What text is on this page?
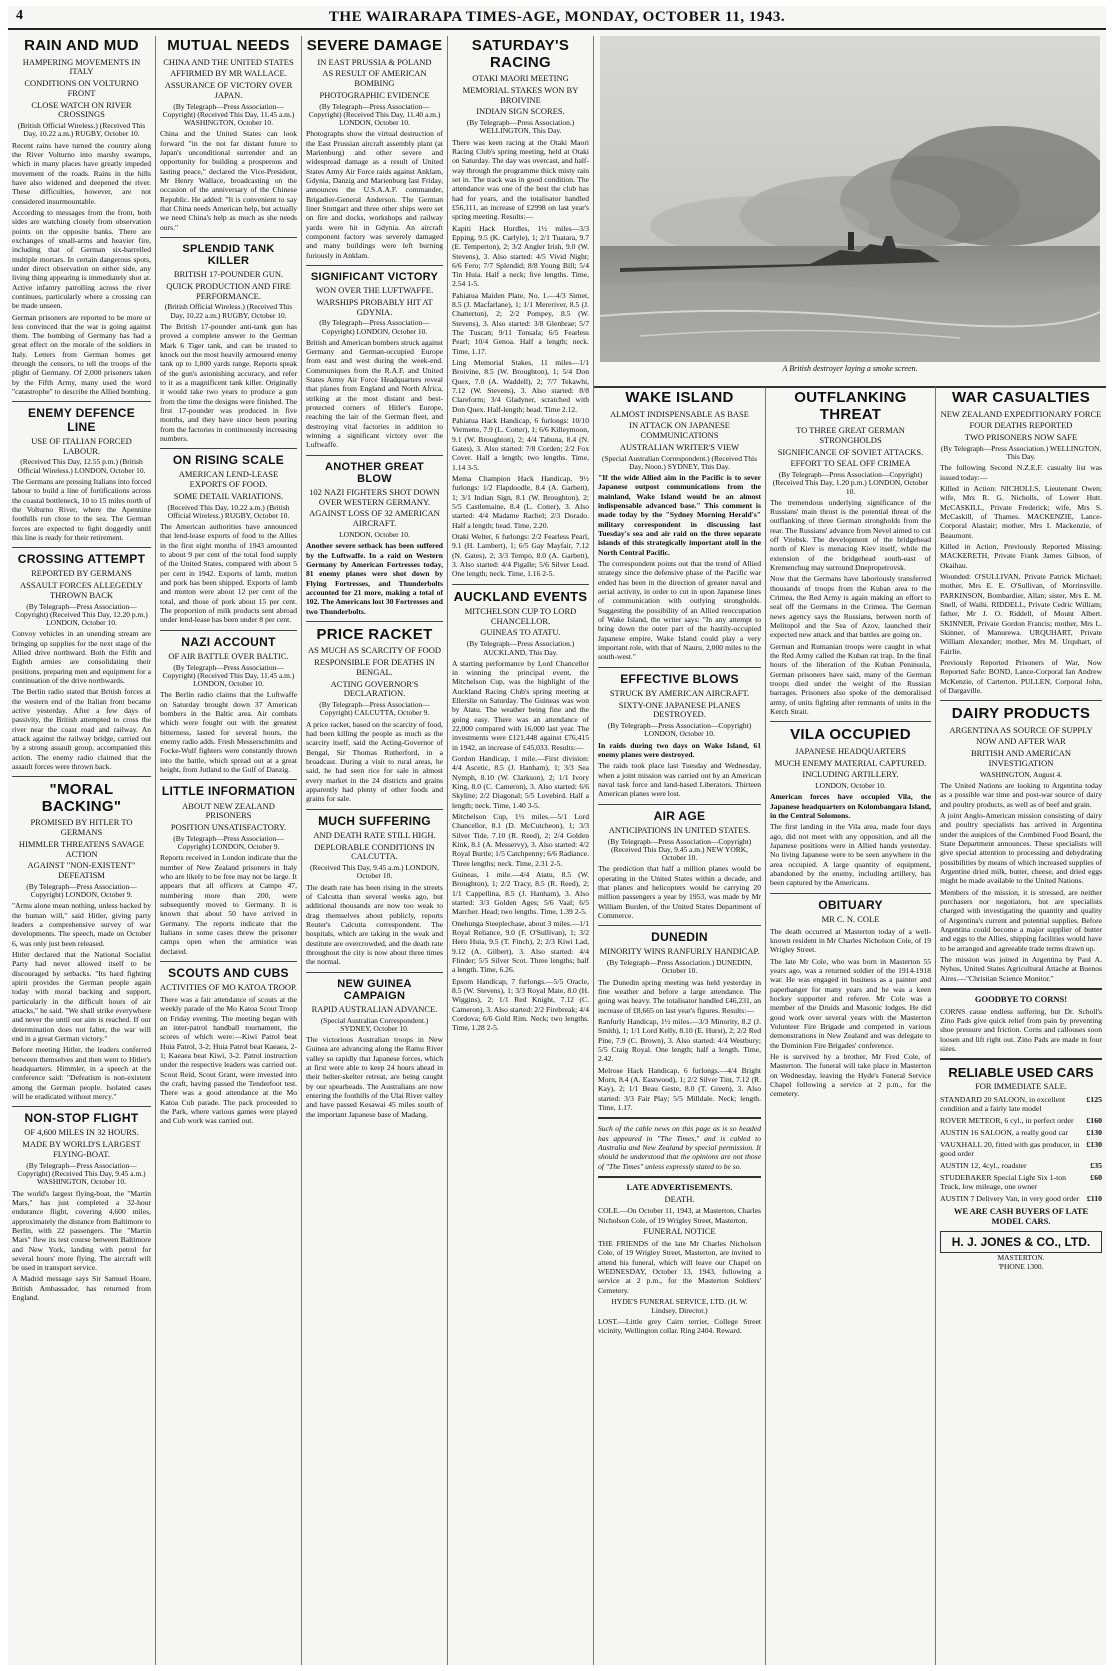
4	THE WAIRARAPA TIMES-AGE, MONDAY, OCTOBER 11, 1943.
RAIN AND MUD
HAMPERING MOVEMENTS IN ITALY
CONDITIONS ON VOLTURNO FRONT
CLOSE WATCH ON RIVER CROSSINGS
(British Official Wireless.) (Received This Day, 10.22 a.m.) RUGBY, October 10.

Recent rains have turned the country along the River Volturno into marshy swamps, which in many places have greatly impeded movement of the roads. Rains in the hills have also widened and deepened the river. These difficulties, however, are not considered insurmountable.

According to messages from the front, both sides are watching closely from observation points on the opposite banks. There are exchanges of small-arms and heavier fire, including that of German six-barrelled multiple mortars. In certain dangerous spots, under direct observation on either side, any living thing appearing is immediately shot at. Active infantry patrolling across the river continues, particularly where a crossing can be made unseen.

German prisoners are reported to be more or less convinced that the war is going against them. The bombing of Germany has had a great effect on the morale of the soldiers in Italy. Letters from German homes get through the censors, to tell the troops of the plight of Germany. Of 2,000 prisoners taken by the Fifth Army, many used the word "catastrophe" to describe the Allied bombing.

ENEMY DEFENCE LINE
USE OF ITALIAN FORCED LABOUR.
(Received This Day, 12.55 p.m.) (British Official Wireless.) LONDON, October 10.

The Germans are pressing Italians into forced labour to build a line of fortifications across the coastal bottleneck, 10 to 15 miles north of the Volturno River, where the Apennine foothills run close to the sea. The German forces are expected to fight doggedly until this line is ready for their retirement.

CROSSING ATTEMPT
REPORTED BY GERMANS
ASSAULT FORCES ALLEGEDLY THROWN BACK
(By Telegraph—Press Association—Copyright) (Received This Day, 12.20 p.m.) LONDON, October 10.

Convoy vehicles in an unending stream are bringing up supplies for the next stage of the Allied drive northward. Both the Fifth and Eighth armies are consolidating their positions, preparing men and equipment for a continuation of the drive northwards.

The Berlin radio stated that British forces at the western end of the Italian front became active yesterday. After a few days of passivity, the British attempted to cross the river near the coast road and railway. An attack against the railway bridge, carried out by a strong assault group, accompanied this action. The enemy radio claimed that the assault forces were thrown back.

"MORAL BACKING"
PROMISED BY HITLER TO GERMANS
HIMMLER THREATENS SAVAGE ACTION
AGAINST "NON-EXISTENT" DEFEATISM
(By Telegraph—Press Association—Copyright) LONDON, October 9.

"Arms alone mean nothing, unless backed by the human will," said Hitler, giving party leaders a comprehensive survey of war developments. The speech, made on October 6, was only just been released.

Hitler declared that the National Socialist Party had never allowed itself to be discouraged by setbacks. "Its hard fighting spirit provides the German people again today with moral backing and support, particularly in the difficult hours of air attacks," he said. "We shall strike everywhere and never the until our aim is reached. If our determination does not falter, the war will end in a great German victory."

Before meeting Hitler, the leaders conferred between themselves and then went to Hitler's headquarters. Himmler, in a speech at the conference said: "Defeatism is non-existent among the German people. Isolated cases will be eradicated without mercy."

NON-STOP FLIGHT
OF 4,600 MILES IN 32 HOURS.
MADE BY WORLD'S LARGEST FLYING-BOAT.
(By Telegraph—Press Association—Copyright) (Received This Day, 9.45 a.m.) WASHINGTON, October 10.

The world's largest flying-boat, the "Martin Mars," has just completed a 32-hour endurance flight, covering 4,600 miles, approximately the distance from Baltimore to Berlin, with 22 passengers. The "Martin Mars" flew its test course between Baltimore and New York, landing with petrol for several hours' more flying. The aircraft will be used in transport service.

A Madrid message says Sir Samuel Hoare, British Ambassador, has returned from England.

MUTUAL NEEDS
CHINA AND THE UNITED STATES
AFFIRMED BY MR WALLACE.
ASSURANCE OF VICTORY OVER JAPAN.
(By Telegraph—Press Association—Copyright) (Received This Day, 11.45 a.m.) WASHINGTON, October 10.

China and the United States can look forward "in the not far distant future to Japan's unconditional surrender and an opportunity for building a prosperous and lasting peace," declared the Vice-President, Mr Henry Wallace, broadcasting on the occasion of the anniversary of the Chinese Republic. He added: "It is convenient to say that China needs American help, but actually we need China's help as much as she needs ours."

SPLENDID TANK KILLER
BRITISH 17-POUNDER GUN.
QUICK PRODUCTION AND FIRE PERFORMANCE.
(British Official Wireless.) (Received This Day, 10.22 a.m.) RUGBY, October 10.

The British 17-pounder anti-tank gun has proved a complete answer to the German Mark 6 Tiger tank, and can be trusted to knock out the most heavily armoured enemy tank up to 1,000 yards range. Reports speak of the gun's astonishing accuracy, and refer to it as a magnificent tank killer. Originally it would take two years to produce a gun from the time the designs were finished. The first 17-pounder was produced in five months, and they have since been pouring from the factories in continuously increasing numbers.

ON RISING SCALE
AMERICAN LEND-LEASE EXPORTS OF FOOD.
SOME DETAIL VARIATIONS.
(Received This Day, 10.22 a.m.) (British Official Wireless.) RUGBY, October 10.

The American authorities have announced that lend-lease exports of food to the Allies in the first eight months of 1943 amounted to about 9 per cent of the total food supply of the United States, compared with about 5 per cent in 1942. Exports of lamb, mutton and pork has been shipped. Exports of lamb and mutton were about 12 per cent of the total, and those of pork about 15 per cent. The proportion of milk products sent abroad under lend-lease has been under 8 per cent.

NAZI ACCOUNT
OF AIR BATTLE OVER BALTIC.
(By Telegraph—Press Association—Copyright) (Received This Day, 11.45 a.m.) LONDON, October 10.

The Berlin radio claims that the Luftwaffe on Saturday brought down 37 American bombers in the Baltic area. Air combats which were fought out with the greatest bitterness, lasted for several hours, the enemy radio adds. Fresh Messerschmitts and Focke-Wulf fighters were constantly thrown into the battle, which spread out at a great height, from Jutland to the Gulf of Danzig.

LITTLE INFORMATION
ABOUT NEW ZEALAND PRISONERS
POSITION UNSATISFACTORY.
(By Telegraph—Press Association—Copyright) LONDON, October 9.

Reports received in London indicate that the number of New Zealand prisoners in Italy who are likely to be free may not be large. It appears that all officers at Campo 47, numbering more than 200, were subsequently moved to Germany. It is known that about 50 have arrived in Germany. The reports indicate that the Italians in some cases threw the prisoner camps open when the armistice was declared.

SCOUTS AND CUBS
ACTIVITIES OF MO KATOA TROOP.

There was a fair attendance of scouts at the weekly parade of the Mo Katoa Scout Troop on Friday evening. The meeting began with an inter-patrol handball tournament, the scores of which were:—Kiwi Patrol beat Huia Patrol, 3-2; Huia Patrol beat Kaeaea, 2-1; Kaeaea beat Kiwi, 3-2. Patrol instruction under the respective leaders was carried out. Scout Reid, Scout Grant, were invested into the craft, having passed the Tenderfoot test. There was a good attendance at the Mo Katoa Cub parade. The pack proceeded to the Park, where various games were played and Cub work was carried out.

SEVERE DAMAGE
IN EAST PRUSSIA & POLAND
AS RESULT OF AMERICAN BOMBING
PHOTOGRAPHIC EVIDENCE
(By Telegraph—Press Association—Copyright) (Received This Day, 11.40 a.m.) LONDON, October 10.

Photographs show the virtual destruction of the East Prussian aircraft assembly plant (at Marienburg) and other severe and widespread damage as a result of United States Army Air Force raids against Anklam, Gdynia, Danzig and Marienburg last Friday, announces the U.S.A.A.F. commander, Brigadier-General Anderson. The German liner Stuttgart and three other ships were set on fire and docks, workshops and railway yards were hit in Gdynia. An aircraft component factory was severely damaged and many buildings were left burning furiously in Anklam.

SIGNIFICANT VICTORY
WON OVER THE LUFTWAFFE.
WARSHIPS PROBABLY HIT AT GDYNIA.
(By Telegraph—Press Association—Copyright) LONDON, October 10.

British and American bombers struck against Germany and German-occupied Europe from east and west during the week-end. Communiques from the R.A.F. and United States Army Air Force Headquarters reveal that planes from England and North Africa, striking at the most distant and best-protected corners of Hitler's Europe, reaching the lair of the German fleet, and destroying vital factories in addition to winning a significant victory over the Luftwaffe.

ANOTHER GREAT BLOW
102 NAZI FIGHTERS SHOT DOWN OVER WESTERN GERMANY.
AGAINST LOSS OF 32 AMERICAN AIRCRAFT.
LONDON, October 10.

Another severe setback has been suffered by the Luftwaffe. In a raid on Western Germany by American Fortresses today, 81 enemy planes were shot down by Flying Fortresses, and Thunderbolts accounted for 21 more, making a total of 102. The Americans lost 30 Fortresses and two Thunderbolts.

PRICE RACKET
AS MUCH AS SCARCITY OF FOOD
RESPONSIBLE FOR DEATHS IN BENGAL.
ACTING GOVERNOR'S DECLARATION.
(By Telegraph—Press Association—Copyright) CALCUTTA, October 9.

A price racket, based on the scarcity of food, had been killing the people as much as the scarcity itself, said the Acting-Governor of Bengal, Sir Thomas Rutherford, in a broadcast. During a visit to rural areas, he said, he had seen rice for sale in almost every market in the 24 districts and grains apparently had plenty of other foods and grains for sale.

MUCH SUFFERING
AND DEATH RATE STILL HIGH.
DEPLORABLE CONDITIONS IN CALCUTTA.
(Received This Day, 9.45 a.m.) LONDON, October 10.

The death rate has been rising in the streets of Calcutta than several weeks ago, but additional thousands are now too weak to drag themselves about publicly, reports Reuter's Calcutta correspondent. The hospitals, which are taking in the weak and destitute are overcrowded, and the death rate throughout the city is now about three times the normal.

NEW GUINEA CAMPAIGN
RAPID AUSTRALIAN ADVANCE.
(Special Australian Correspondent.) SYDNEY, October 10.

The victorious Australian troops in New Guinea are advancing along the Ramu River valley so rapidly that Japanese forces, which at first were able to keep 24 hours ahead in their helter-skelter retreat, are being caught by our spearheads. The Australians are now entering the foothills of the Ulai River valley and have passed Kesawai 45 miles south of the important Japanese base of Madang.

SATURDAY'S RACING
OTAKI MAORI MEETING
MEMORIAL STAKES WON BY BROIVINE
INDIAN SIGN SCORES.
(By Telegraph—Press Association.) WELLINGTON, This Day.

There was keen racing at the Otaki Maori Racing Club's spring meeting, held at Otaki on Saturday. The day was overcast, and half-way through the programme thick misty rain set in. The track was in good condition. The attendance was one of the best the club has had for years, and the totalisator handled £56,111, an increase of £2998 on last year's spring meeting. Results:—

Kapiti Hack Hurdles, 1½ miles—3/3 Epping, 9.5 (K. Carlyle), 1; 2/1 Tuatara, 9.7 (E. Temperton), 2; 3/2 Angler Irish, 9.0 (W. Stevens), 3. Also started: 4/5 Vivid Night; 6/6 Fero; 7/7 Splendid; 8/8 Young Bill; 5/4 Tin Huia. Half a neck; five lengths. Time, 2.54 1-5.

Pahiatua Maiden Plate, No. 1.—4/3 Sirnet, 8.5 (J. Macfarlane), 1; 1/1 Mereriver, 8.5 (J. Chatterton), 2; 2/2 Pompey, 8.5 (W. Stevens), 3. Also started: 3/8 Glenbrae; 5/7 The Tuscan; 9/11 Tonsala; 6/5 Fearless Pearl; 10/4 Genoa. Half a length; neck. Time, 1.17.

Ling Memorial Stakes, 11 miles—1/1 Broivine, 8.5 (W. Broughton), 1; 5/4 Don Quex, 7.0 (A. Waddell), 2; 7/7 Tekawhi, 7.12 (W. Stevens), 3. Also started: 8/8 Clareform; 3/4 Gladyner, scratched with Don Quex. Half-length; head. Time 2.12.

Pahiatua Hack Handicap, 6 furlongs: 10/10 Vermette, 7.9 (L. Cotter), 1; 6/6 Killeymoon, 9.1 (W. Broughton), 2; 4/4 Tahuna, 8.4 (N. Gates), 3. Also started: 7/8 Corden; 2/2 Fox Cover. Half a length; two lengths. Time, 1.14 3-5.

Mema Champion Hack Handicap, 9½ furlongs: 1/2 Flapdoodle, 8.4 (A. Garbett), 1; 3/1 Indian Sign, 8.1 (W. Broughton), 2; 5/5 Castlemaine, 8.4 (L. Cotter), 3. Also started: 4/4 Madame Rachel; 2/3 Dorado. Half a length; head. Time, 2.20.

Otaki Welter, 6 furlongs: 2/2 Fearless Pearl, 9.1 (H. Lambert), 1; 6/5 Gay Mayfair, 7.12 (N. Gates), 2; 3/3 Tempo, 8.0 (A. Garbett), 3. Also started: 4/4 Pigalle; 5/6 Silver Lead. One length; neck. Time, 1.16 2-5.

AUCKLAND EVENTS
MITCHELSON CUP TO LORD CHANCELLOR.
GUINEAS TO ATATU.
(By Telegraph—Press Association.) AUCKLAND, This Day.

A starting performance by Lord Chancellor in winning the principal event, the Mitchelson Cup, was the highlight of the Auckland Racing Club's spring meeting at Ellerslie on Saturday. The Guineas was won by Atatu. The weather being fine and the going easy. There was an attendance of 22,000 compared with 16,000 last year. The investments were £121,448 against £76,415 in 1942, an increase of £45,033. Results:—

Gordon Handicap, 1 mile.—First division: 4/4 Ascetic, 8.5 (J. Hanham), 1; 3/3 Sea Nymph, 8.10 (W. Clarkson), 2; 1/1 Ivory King, 8.0 (C. Cameron), 3. Also started: 6/6 Skyline; 2/2 Diagonal; 5/5 Lovebird. Half a length; neck. Time, 1.40 3-5.

Mitchelson Cup, 1½ miles.—5/1 Lord Chancellor, 8.1 (D. McCutcheon), 1; 3/3 Silver Tide, 7.10 (R. Reed), 2; 2/4 Golden Kink, 8.1 (A. Messervy), 3. Also started: 4/2 Royal Burtle; 1/5 Catchpenny; 6/6 Radiance. Three lengths; neck. Time, 2.31 2-5.

Guineas, 1 mile.—4/4 Atatu, 8.5 (W. Broughton), 1; 2/2 Tracy, 8.5 (R. Reed), 2; 1/1 Cappellina, 8.5 (J. Hanham), 3. Also started: 3/3 Golden Ages; 5/6 Vaal; 6/5 Marcher. Head; two lengths. Time, 1.39 2-5.

Onehunga Steeplechase, about 3 miles.—1/1 Royal Reliance, 9.0 (F. O'Sullivan), 1; 3/2 Hero Huia, 9.5 (T. Finch), 2; 2/3 Kiwi Lad, 9.12 (A. Gilbert), 3. Also started: 4/4 Flinder; 5/5 Silver Scot. Three lengths; half a length. Time, 6.26.

Epsom Handicap, 7 furlongs.—5/5 Oracle, 8.5 (W. Stevens), 1; 3/3 Royal Mate, 8.0 (H. Wiggins), 2; 1/1 Red Knight, 7.12 (C. Cameron), 3. Also started: 2/2 Firebreak; 4/4 Cordova; 6/6 Gold Rim. Neck; two lengths. Time, 1.28 2-5.

A British destroyer laying a smoke screen.
WAKE ISLAND
ALMOST INDISPENSABLE AS BASE
IN ATTACK ON JAPANESE COMMUNICATIONS
AUSTRALIAN WRITER'S VIEW
(Special Australian Correspondent.) (Received This Day, Noon.) SYDNEY, This Day.

"If the wide Allied aim in the Pacific is to sever Japanese outpost communications from the mainland, Wake Island would be an almost indispensable advanced base." This comment is made today by the "Sydney Morning Herald's" military correspondent in discussing last Tuesday's sea and air raid on the three separate islands of this strategically important atoll in the North Central Pacific.

The correspondent points out that the trend of Allied strategy since the defensive phase of the Pacific war ended has been in the direction of greater naval and aerial activity, in order to cut in upon Japanese lines of communication with outlying strongholds. Suggesting the possibility of an Allied reoccupation of Wake Island, the writer says: "In any attempt to bring down the outer part of the hastily-occupied Japanese empire, Wake Island could play a very important role, with that of Nauru, 2,000 miles to the south-west."

EFFECTIVE BLOWS
STRUCK BY AMERICAN AIRCRAFT.
SIXTY-ONE JAPANESE PLANES DESTROYED.
(By Telegraph—Press Association—Copyright) LONDON, October 10.

In raids during two days on Wake Island, 61 enemy planes were destroyed.

The raids took place last Tuesday and Wednesday, when a joint mission was carried out by an American naval task force and land-based Liberators. Thirteen American planes were lost.

AIR AGE
ANTICIPATIONS IN UNITED STATES.
(By Telegraph—Press Association—Copyright) (Received This Day, 9.45 a.m.) NEW YORK, October 10.

The prediction that half a million planes would be operating in the United States within a decade, and that planes and helicopters would be carrying 20 million passengers a year by 1953, was made by Mr William Burden, of the United States Department of Commerce.

DUNEDIN
MINORITY WINS RANFURLY HANDICAP.
(By Telegraph—Press Association.) DUNEDIN, October 10.

The Dunedin spring meeting was held yesterday in fine weather and before a large attendance. The going was heavy. The totalisator handled £46,231, an increase of £8,665 on last year's figures. Results:—

Ranfurly Handicap, 1½ miles.—3/3 Minority, 8.2 (J. Smith), 1; 1/1 Lord Kelly, 8.10 (E. Hurst), 2; 2/2 Red Pine, 7.9 (C. Brown), 3. Also started: 4/4 Westbury; 5/5 Craig Royal. One length; half a length. Time, 2.42.

Melrose Hack Handicap, 6 furlongs.—4/4 Bright Morn, 8.4 (A. Eastwood), 1; 2/2 Silver Tint, 7.12 (R. Kay), 2; 1/1 Beau Geste, 8.0 (T. Green), 3. Also started: 3/3 Fair Play; 5/5 Milldale. Neck; length. Time, 1.17.

Such of the cable news on this page as is so headed has appeared in "The Times," and is cabled to Australia and New Zealand by special permission. It should be understood that the opinions are not those of "The Times" unless expressly stated to be so.

LATE ADVERTISEMENTS.
DEATH.

COLE.—On October 11, 1943, at Masterton, Charles Nicholson Cole, of 19 Wrigley Street, Masterton.

FUNERAL NOTICE

THE FRIENDS of the late Mr Charles Nicholson Cole, of 19 Wrigley Street, Masterton, are invited to attend his funeral, which will leave our Chapel on WEDNESDAY, October 13, 1943, following a service at 2 p.m., for the Masterton Soldiers' Cemetery.

HYDE'S FUNERAL SERVICE, LTD. (H. W. Lindsey, Director.)

LOST.—Little grey Cairn terrier, College Street vicinity, Wellington collar. Ring 2404. Reward.

OUTFLANKING THREAT
TO THREE GREAT GERMAN STRONGHOLDS
SIGNIFICANCE OF SOVIET ATTACKS.
EFFORT TO SEAL OFF CRIMEA
(By Telegraph—Press Association—Copyright) (Received This Day, 1.20 p.m.) LONDON, October 10.

The tremendous underlying significance of the Russians' main thrust is the potential threat of the outflanking of three German strongholds from the rear. The Russians' advance from Nevel aimed to cut off Vitebsk. The development of the bridgehead north of Kiev is menacing Kiev itself, while the extension of the bridgehead south-east of Kremenchug may surround Dnepropetrovsk.

Now that the Germans have laboriously transferred thousands of troops from the Kuban area to the Crimea, the Red Army is again making an effort to seal off the Germans in the Crimea. The German news agency says the Russians, between north of Melitopol and the Sea of Azov, launched their expected new attack and that battles are going on.

German and Rumanian troops were caught in what the Red Army called the Kuban rat trap. In the final hours of the liberation of the Kuban Peninsula, German prisoners have said, many of the German troops died under the weight of the Russian barrages. Prisoners also spoke of the demoralised army, of units fighting after remnants of units in the Kerch Strait.

VILA OCCUPIED
JAPANESE HEADQUARTERS
MUCH ENEMY MATERIAL CAPTURED.
INCLUDING ARTILLERY.
LONDON, October 10.

American forces have occupied Vila, the Japanese headquarters on Kolombangara Island, in the Central Solomons.

The first landing in the Vila area, made four days ago, did not meet with any opposition, and all the Japanese positions were in Allied hands yesterday. No living Japanese were to be seen anywhere in the area occupied. A large quantity of equipment, abandoned by the enemy, including artillery, has been captured by the Americans.

OBITUARY
MR C. N. COLE

The death occurred at Masterton today of a well-known resident in Mr Charles Nicholson Cole, of 19 Wrigley Street.

The late Mr Cole, who was born in Masterton 55 years ago, was a returned soldier of the 1914-1918 war. He was engaged in business as a painter and paperhanger for many years and he was a keen hockey supporter and referee. Mr Cole was a member of the Druids and Masonic lodges. He did good work over several years with the Masterton Volunteer Fire Brigade and competed in various demonstrations in New Zealand and was delegate to the Dominion Fire Brigades' conference.

He is survived by a brother, Mr Fred Cole, of Masterton. The funeral will take place in Masterton on Wednesday, leaving the Hyde's Funeral Service Chapel following a service at 2 p.m., for the cemetery.

WAR CASUALTIES
NEW ZEALAND EXPEDITIONARY FORCE
FOUR DEATHS REPORTED
TWO PRISONERS NOW SAFE
(By Telegraph—Press Association.) WELLINGTON, This Day.

The following Second N.Z.E.F. casualty list was issued today:—

Killed in Action: NICHOLLS, Lieutenant Owen; wife, Mrs R. G. Nicholls, of Lower Hutt. McCASKILL, Private Frederick; wife, Mrs S. McCaskill, of Thames. MACKENZIE, Lance-Corporal Alastair; mother, Mrs I. Mackenzie, of Beaumont.

Killed in Action, Previously Reported Missing: MACKERETH, Private Frank James Gibson, of Okaihau.

Wounded: O'SULLIVAN, Private Patrick Michael; mother, Mrs E. E. O'Sullivan, of Morrinsville. PARKINSON, Bombardier, Allan; sister, Mrs E. M. Snell, of Waihi. RIDDELL, Private Cedric William; father, Mr J. O. Riddell, of Mount Albert. SKINNER, Private Gordon Francis; mother, Mrs L. Skinner, of Manurewa. URQUHART, Private William Alexander; mother, Mrs M. Urquhart, of Fairlie.

Previously Reported Prisoners of War, Now Reported Safe: BOND, Lance-Corporal Ian Andrew McKenzie, of Carterton. PULLEN, Corporal John, of Dargaville.

DAIRY PRODUCTS
ARGENTINA AS SOURCE OF SUPPLY
NOW AND AFTER WAR
BRITISH AND AMERICAN INVESTIGATION
WASHINGTON, August 4.

The United Nations are looking to Argentina today as a possible war time and post-war source of dairy and poultry products, as well as of beef and grain.

A joint Anglo-American mission consisting of dairy and poultry specialists has arrived in Argentina under the auspices of the Combined Food Board, the State Department announces. These specialists will give special attention to processing and dehydrating possibilities by means of which increased supplies of Argentine dried milk, butter, cheese, and dried eggs might be made available to the United Nations.

Members of the mission, it is stressed, are neither purchasers nor negotiators, but are specialists charged with investigating the quantity and quality of Argentina's current and potential supplies. Before Argentina could become a major supplier of butter and eggs to the Allies, shipping facilities would have to be arranged and agreeable trade terms drawn up.

The mission was joined in Argentina by Paul A. Nyhus, United States Agricultural Attache at Buenos Aires.—"Christian Science Monitor."

GOODBYE TO CORNS!

CORNS cause endless suffering, but Dr. Scholl's Zino Pads give quick relief from pain by preventing shoe pressure and friction. Corns and callouses soon loosen and lift right out. Zino Pads are made in four sizes.

RELIABLE USED CARS
FOR IMMEDIATE SALE.
STANDARD 20 SALOON, in excellent condition and a fairly late model
£125
ROVER METEOR, 6 cyl., in perfect order £160
AUSTIN 16 SALOON, a really good car £130
VAUXHALL 20, fitted with gas producer, in good order
£130
AUSTIN 12, 4cyl., roadster	£35
STUDEBAKER Special Light Six 1-ton Truck, low mileage, one owner
£60
AUSTIN 7 Delivery Van, in very good order £110
WE ARE CASH BUYERS OF LATE MODEL CARS.
H. J. JONES & CO., LTD.
MASTERTON.
'PHONE 1300.
